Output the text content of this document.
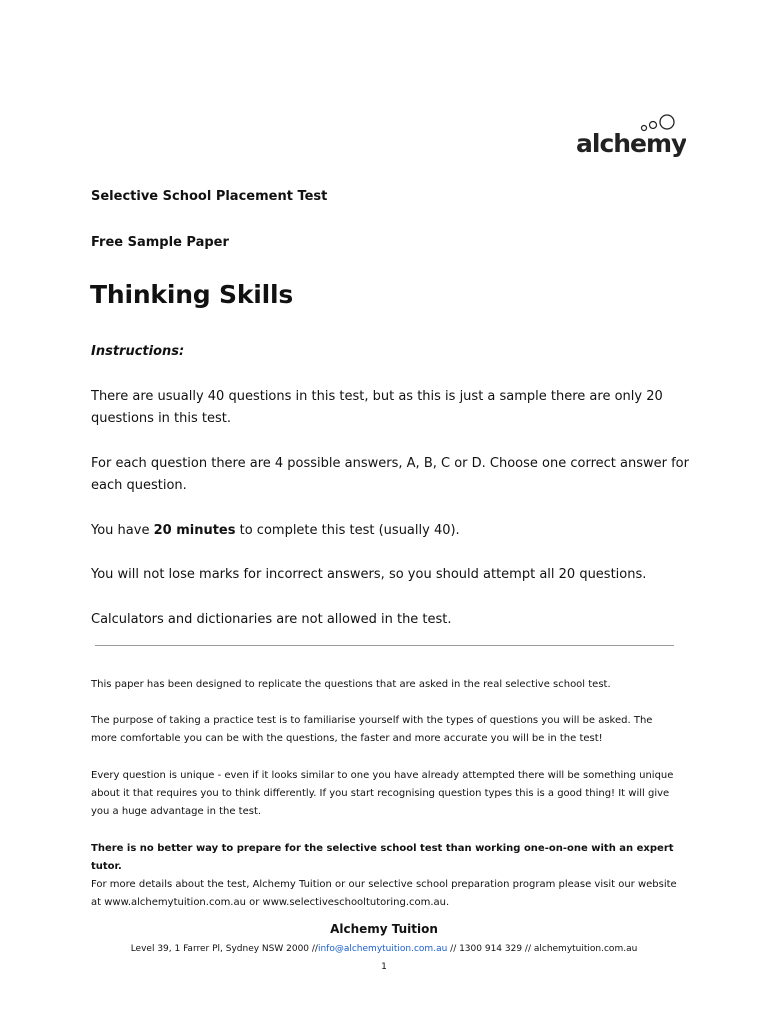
alchemy
Selective School Placement Test
Free Sample Paper
Thinking Skills
Instructions:
There are usually 40 questions in this test, but as this is just a sample there are only 20 questions in this test.
For each question there are 4 possible answers, A, B, C or D. Choose one correct answer for each question.
You have 20 minutes to complete this test (usually 40).
You will not lose marks for incorrect answers, so you should attempt all 20 questions.
Calculators and dictionaries are not allowed in the test.
This paper has been designed to replicate the questions that are asked in the real selective school test.
The purpose of taking a practice test is to familiarise yourself with the types of questions you will be asked. The more comfortable you can be with the questions, the faster and more accurate you will be in the test!
Every question is unique - even if it looks similar to one you have already attempted there will be something unique about it that requires you to think differently. If you start recognising question types this is a good thing! It will give you a huge advantage in the test.
There is no better way to prepare for the selective school test than working one-on-one with an expert tutor.
For more details about the test, Alchemy Tuition or our selective school preparation program please visit our website at www.alchemytuition.com.au or www.selectiveschooltutoring.com.au.
Alchemy Tuition
Level 39, 1 Farrer Pl, Sydney NSW 2000 //info@alchemytuition.com.au // 1300 914 329 // alchemytuition.com.au
1
